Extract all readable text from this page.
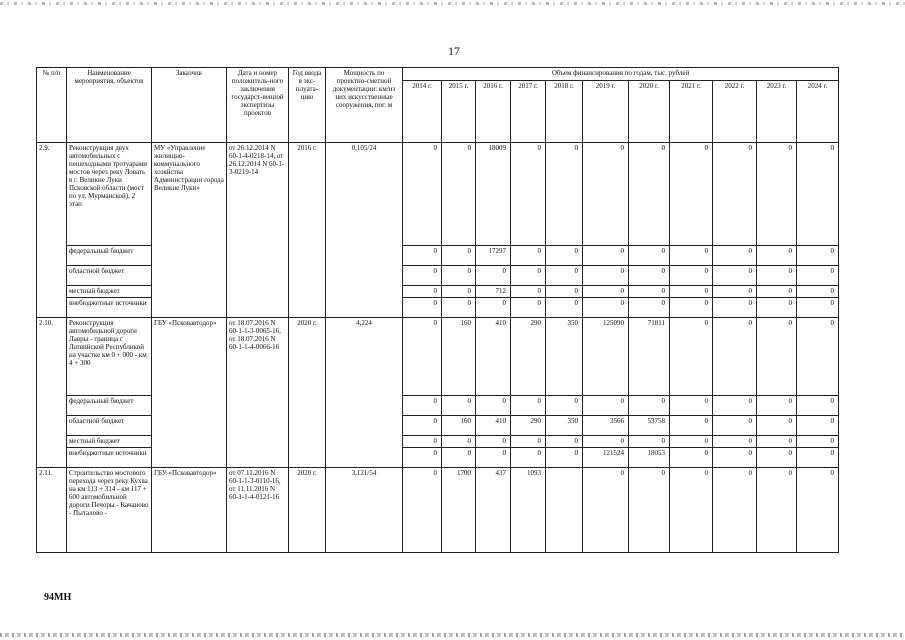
17
№ п/п	Наименование мероприятия, объектов	Заказчик	Дата и номер положитель-ного заключения государст-венной экспертизы проектов	Год ввода в экс-плуата-цию	Мощность по проектно-сметной документации: км/из них искусственные сооружения, пог. м	Объем финансирования по годам, тыс. рублей										
						2014 г.	2015 г.	2016 г.	2017 г.	2018 г.	2019 г.	2020 г.	2021 г.	2022 г.	2023 г.	2024 г.
2.9.	Реконструкция двух автомобильных с пешеходными тротуарами мостов через реку Ловать в г. Великие Луки Псковской области (мост по ул. Мурманской), 2 этап	МУ «Управление жилищно-коммунального хозяйства Администрации города Великие Луки»	от 26.12.2014 N 60-1-4-0218-14, от 26.12.2014 N 60-1-3-0219-14	2016 г.	0,105/24	0	0	18009	0	0	0	0	0	0	0	0
	федеральный бюджет					0	0	17297	0	0	0	0	0	0	0	0
	областной бюджет					0	0	0	0	0	0	0	0	0	0	0
	местный бюджет					0	0	712	0	0	0	0	0	0	0	0
	внебюджетные источники					0	0	0	0	0	0	0	0	0	0	0
2.10.	Реконструкция автомобильной дороги Лавры - граница с Латвийской Республикой на участке км 0 + 000 - км 4 + 300	ГБУ «Псковавтодор»	от 18.07.2016 N 60-1-1-3-0065-16, от 18.07.2016 N 60-1-1-4-0066-16	2020 г.	4,224	0	160	410	290	350	125090	71811	0	0	0	0
	федеральный бюджет					0	0	0	0	0	0	0	0	0	0	0
	областной бюджет					0	160	410	290	350	3566	53758	0	0	0	0
	местный бюджет					0	0	0	0	0	0	0	0	0	0	0
	внебюджетные источники					0	0	0	0	0	121524	18053	0	0	0	0
2.11.	Строительство мостового перехода через реку Кухва на км 113 + 314 - км 117 + 600 автомобильной дороги Печоры - Качаново - Пыталово -	ГБУ «Псковавтодор»	от 07.11.2016 N 60-1-1-3-0110-16, от 11.11.2016 N 60-1-1-4-0121-16	2020 г.	3,121/54	0	1700	437	1093		0	0	0	0	0	0
94МН
